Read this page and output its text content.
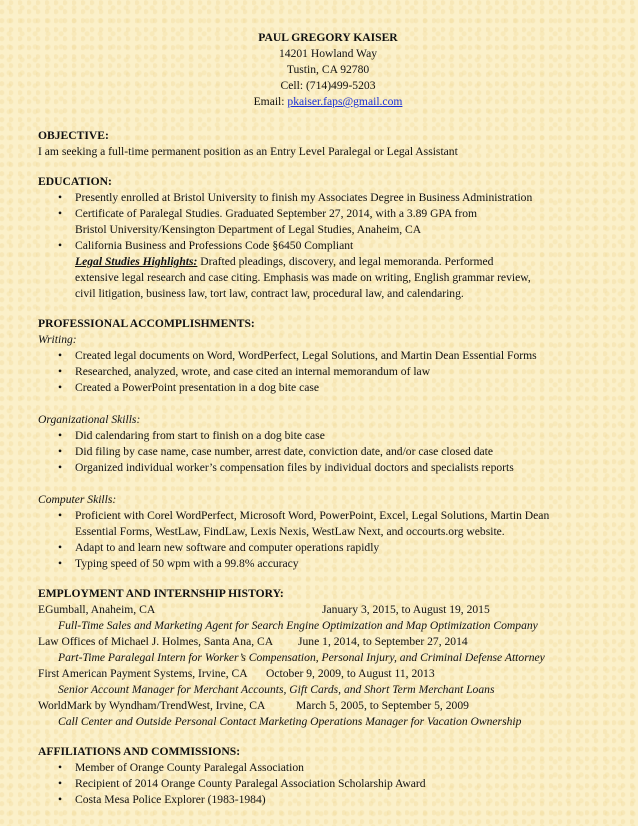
PAUL GREGORY KAISER
14201 Howland Way
Tustin, CA 92780
Cell: (714)499-5203
Email: pkaiser.faps@gmail.com
OBJECTIVE:
I am seeking a full-time permanent position as an Entry Level Paralegal or Legal Assistant
EDUCATION:
• Presently enrolled at Bristol University to finish my Associates Degree in Business Administration
• Certificate of Paralegal Studies. Graduated September 27, 2014, with a 3.89 GPA from
Bristol University/Kensington Department of Legal Studies, Anaheim, CA
• California Business and Professions Code §6450 Compliant
Legal Studies Highlights: Drafted pleadings, discovery, and legal memoranda. Performed
extensive legal research and case citing. Emphasis was made on writing, English grammar review,
civil litigation, business law, tort law, contract law, procedural law, and calendaring.
PROFESSIONAL ACCOMPLISHMENTS:
Writing:
• Created legal documents on Word, WordPerfect, Legal Solutions, and Martin Dean Essential Forms
• Researched, analyzed, wrote, and case cited an internal memorandum of law
• Created a PowerPoint presentation in a dog bite case
Organizational Skills:
• Did calendaring from start to finish on a dog bite case
• Did filing by case name, case number, arrest date, conviction date, and/or case closed date
• Organized individual worker’s compensation files by individual doctors and specialists reports
Computer Skills:
• Proficient with Corel WordPerfect, Microsoft Word, PowerPoint, Excel, Legal Solutions, Martin Dean
Essential Forms, WestLaw, FindLaw, Lexis Nexis, WestLaw Next, and occourts.org website.
• Adapt to and learn new software and computer operations rapidly
• Typing speed of 50 wpm with a 99.8% accuracy
EMPLOYMENT AND INTERNSHIP HISTORY:
EGumball, Anaheim, CA	January 3, 2015, to August 19, 2015
Full-Time Sales and Marketing Agent for Search Engine Optimization and Map Optimization Company
Law Offices of Michael J. Holmes, Santa Ana, CA June 1, 2014, to September 27, 2014
Part-Time Paralegal Intern for Worker’s Compensation, Personal Injury, and Criminal Defense Attorney
First American Payment Systems, Irvine, CA October 9, 2009, to August 11, 2013
Senior Account Manager for Merchant Accounts, Gift Cards, and Short Term Merchant Loans
WorldMark by Wyndham/TrendWest, Irvine, CA	March 5, 2005, to September 5, 2009
Call Center and Outside Personal Contact Marketing Operations Manager for Vacation Ownership
AFFILIATIONS AND COMMISSIONS:
• Member of Orange County Paralegal Association
• Recipient of 2014 Orange County Paralegal Association Scholarship Award
• Costa Mesa Police Explorer (1983-1984)
